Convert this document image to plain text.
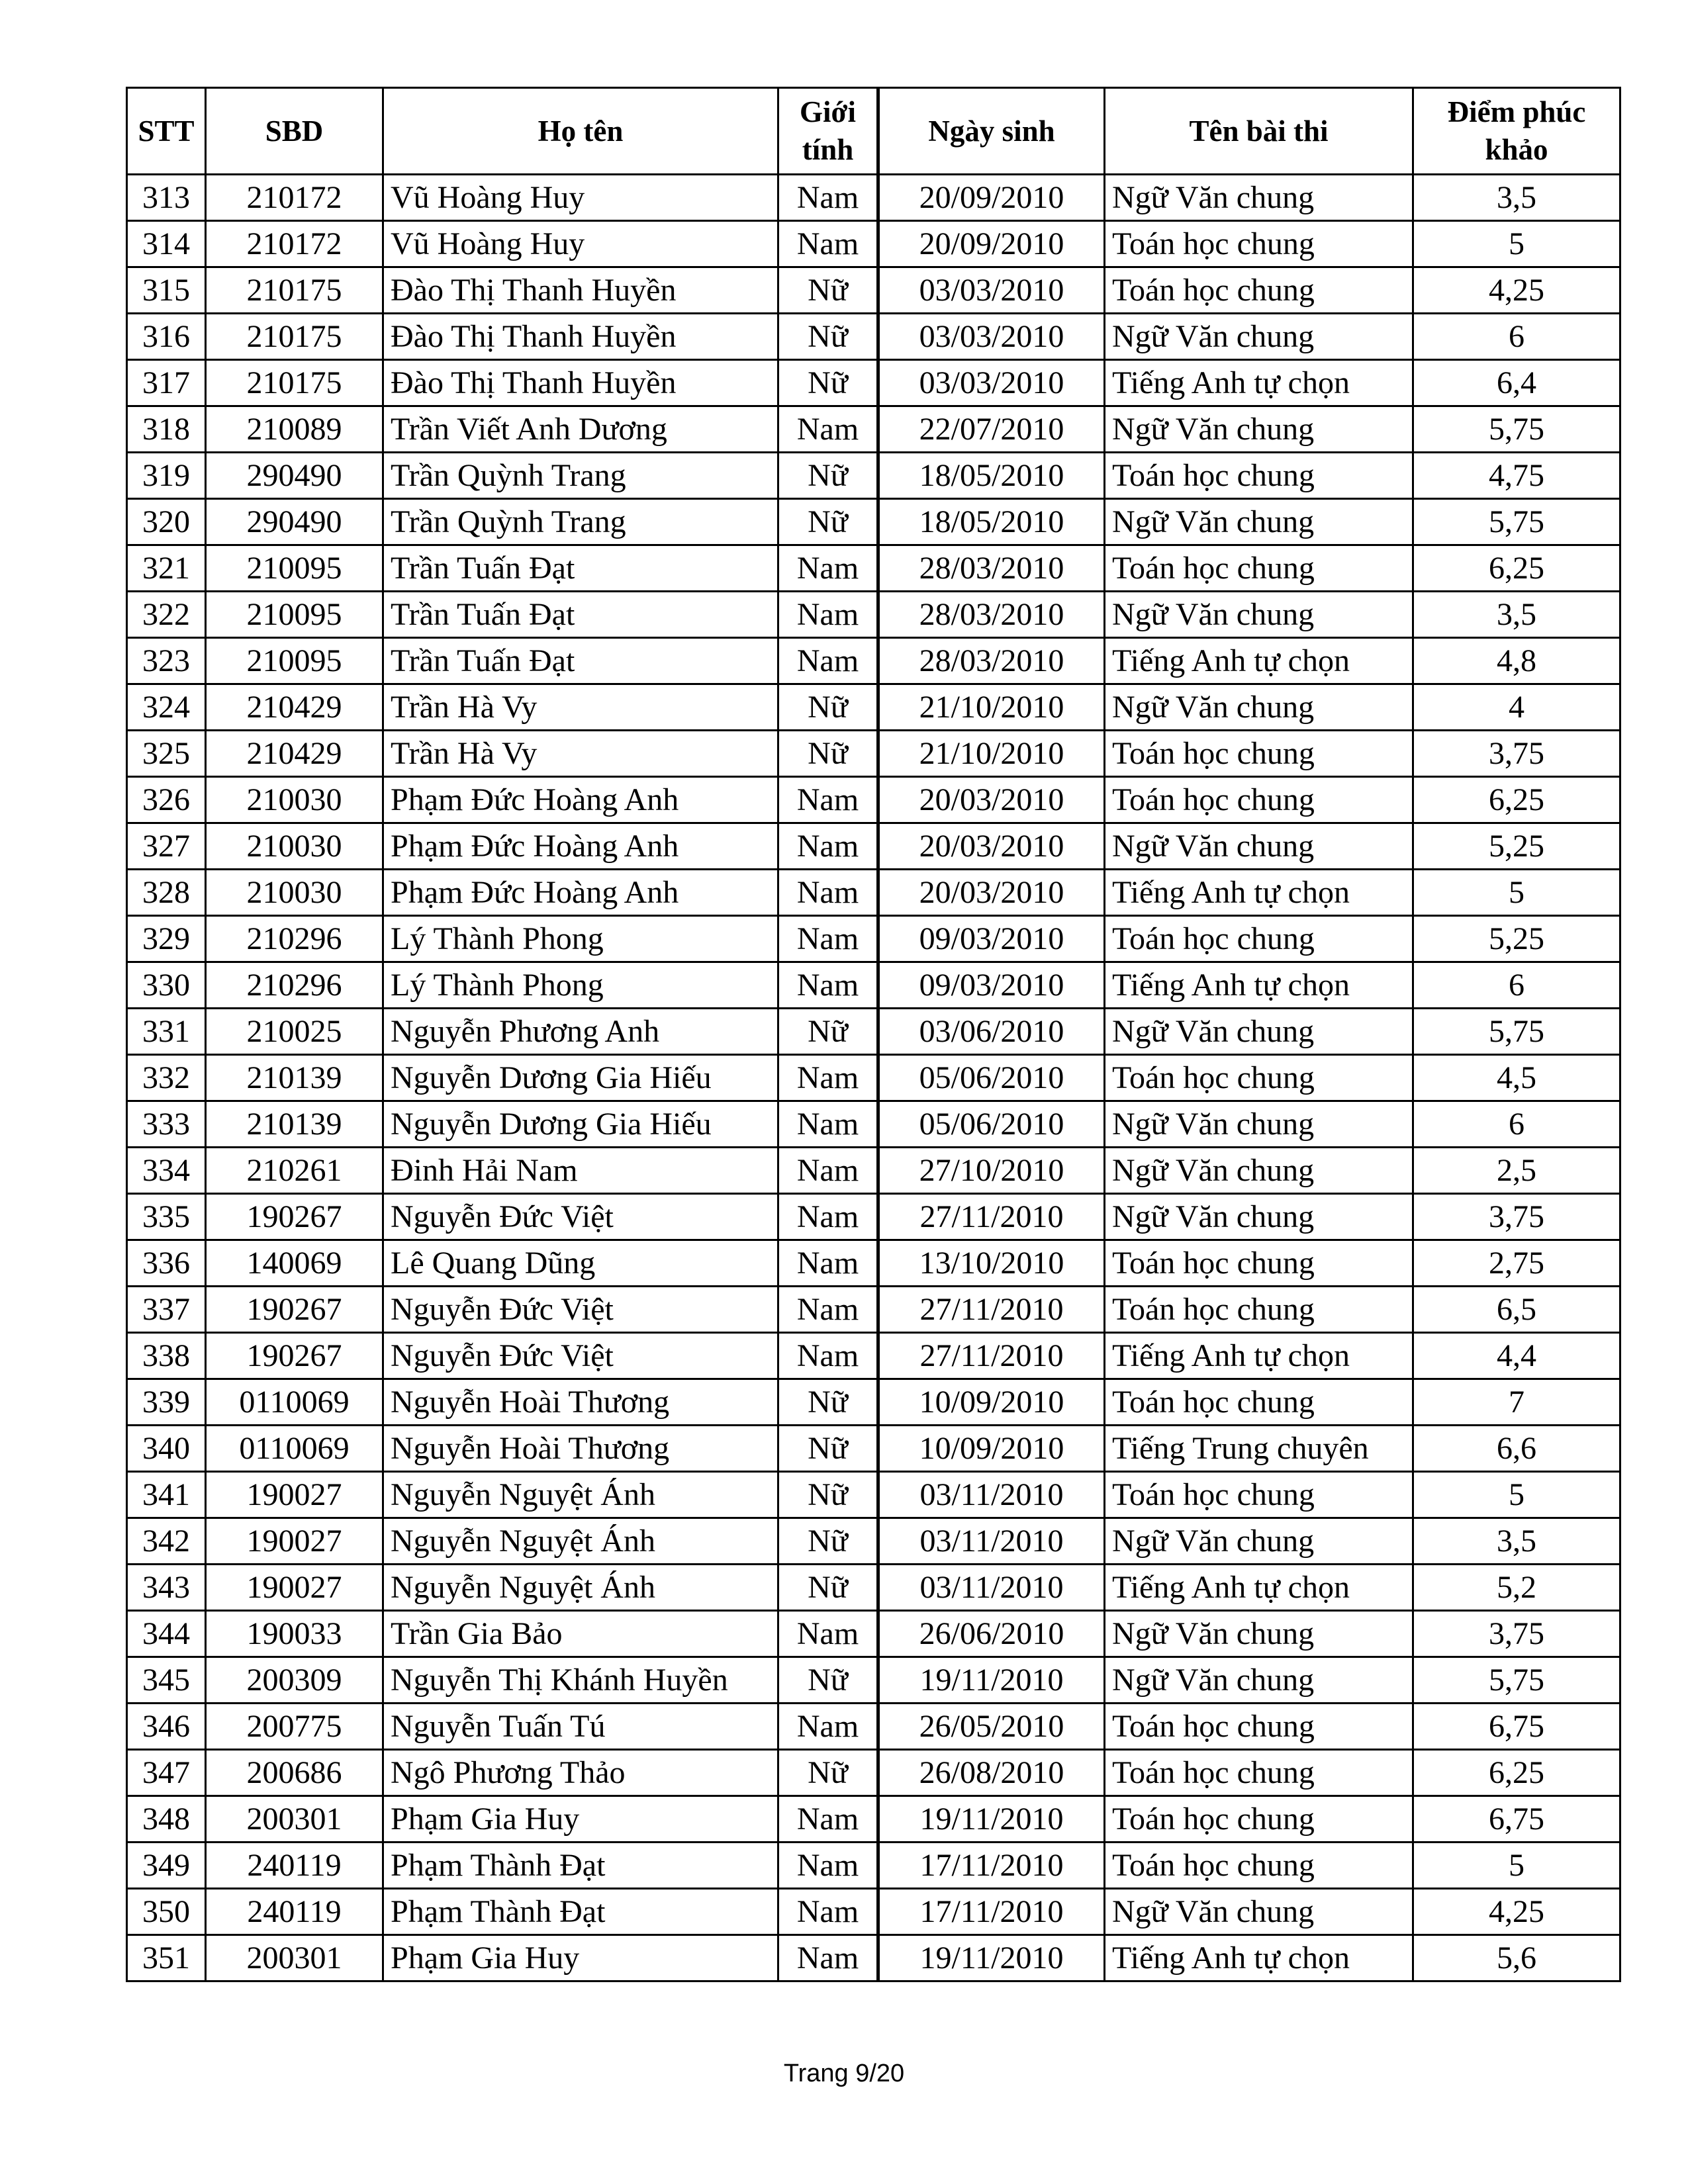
STT	SBD	Họ tên	Giới tính	Ngày sinh	Tên bài thi	Điểm phúc khảo
313	210172	Vũ Hoàng Huy	Nam	20/09/2010	Ngữ Văn chung	3,5
314	210172	Vũ Hoàng Huy	Nam	20/09/2010	Toán học chung	5
315	210175	Đào Thị Thanh Huyền	Nữ	03/03/2010	Toán học chung	4,25
316	210175	Đào Thị Thanh Huyền	Nữ	03/03/2010	Ngữ Văn chung	6
317	210175	Đào Thị Thanh Huyền	Nữ	03/03/2010	Tiếng Anh tự chọn	6,4
318	210089	Trần Viết Anh Dương	Nam	22/07/2010	Ngữ Văn chung	5,75
319	290490	Trần Quỳnh Trang	Nữ	18/05/2010	Toán học chung	4,75
320	290490	Trần Quỳnh Trang	Nữ	18/05/2010	Ngữ Văn chung	5,75
321	210095	Trần Tuấn Đạt	Nam	28/03/2010	Toán học chung	6,25
322	210095	Trần Tuấn Đạt	Nam	28/03/2010	Ngữ Văn chung	3,5
323	210095	Trần Tuấn Đạt	Nam	28/03/2010	Tiếng Anh tự chọn	4,8
324	210429	Trần Hà Vy	Nữ	21/10/2010	Ngữ Văn chung	4
325	210429	Trần Hà Vy	Nữ	21/10/2010	Toán học chung	3,75
326	210030	Phạm Đức Hoàng Anh	Nam	20/03/2010	Toán học chung	6,25
327	210030	Phạm Đức Hoàng Anh	Nam	20/03/2010	Ngữ Văn chung	5,25
328	210030	Phạm Đức Hoàng Anh	Nam	20/03/2010	Tiếng Anh tự chọn	5
329	210296	Lý Thành Phong	Nam	09/03/2010	Toán học chung	5,25
330	210296	Lý Thành Phong	Nam	09/03/2010	Tiếng Anh tự chọn	6
331	210025	Nguyễn Phương Anh	Nữ	03/06/2010	Ngữ Văn chung	5,75
332	210139	Nguyễn Dương Gia Hiếu	Nam	05/06/2010	Toán học chung	4,5
333	210139	Nguyễn Dương Gia Hiếu	Nam	05/06/2010	Ngữ Văn chung	6
334	210261	Đinh Hải Nam	Nam	27/10/2010	Ngữ Văn chung	2,5
335	190267	Nguyễn Đức Việt	Nam	27/11/2010	Ngữ Văn chung	3,75
336	140069	Lê Quang Dũng	Nam	13/10/2010	Toán học chung	2,75
337	190267	Nguyễn Đức Việt	Nam	27/11/2010	Toán học chung	6,5
338	190267	Nguyễn Đức Việt	Nam	27/11/2010	Tiếng Anh tự chọn	4,4
339	0110069	Nguyễn Hoài Thương	Nữ	10/09/2010	Toán học chung	7
340	0110069	Nguyễn Hoài Thương	Nữ	10/09/2010	Tiếng Trung chuyên	6,6
341	190027	Nguyễn Nguyệt Ánh	Nữ	03/11/2010	Toán học chung	5
342	190027	Nguyễn Nguyệt Ánh	Nữ	03/11/2010	Ngữ Văn chung	3,5
343	190027	Nguyễn Nguyệt Ánh	Nữ	03/11/2010	Tiếng Anh tự chọn	5,2
344	190033	Trần Gia Bảo	Nam	26/06/2010	Ngữ Văn chung	3,75
345	200309	Nguyễn Thị Khánh Huyền	Nữ	19/11/2010	Ngữ Văn chung	5,75
346	200775	Nguyễn Tuấn Tú	Nam	26/05/2010	Toán học chung	6,75
347	200686	Ngô Phương Thảo	Nữ	26/08/2010	Toán học chung	6,25
348	200301	Phạm Gia Huy	Nam	19/11/2010	Toán học chung	6,75
349	240119	Phạm Thành Đạt	Nam	17/11/2010	Toán học chung	5
350	240119	Phạm Thành Đạt	Nam	17/11/2010	Ngữ Văn chung	4,25
351	200301	Phạm Gia Huy	Nam	19/11/2010	Tiếng Anh tự chọn	5,6
Trang 9/20
